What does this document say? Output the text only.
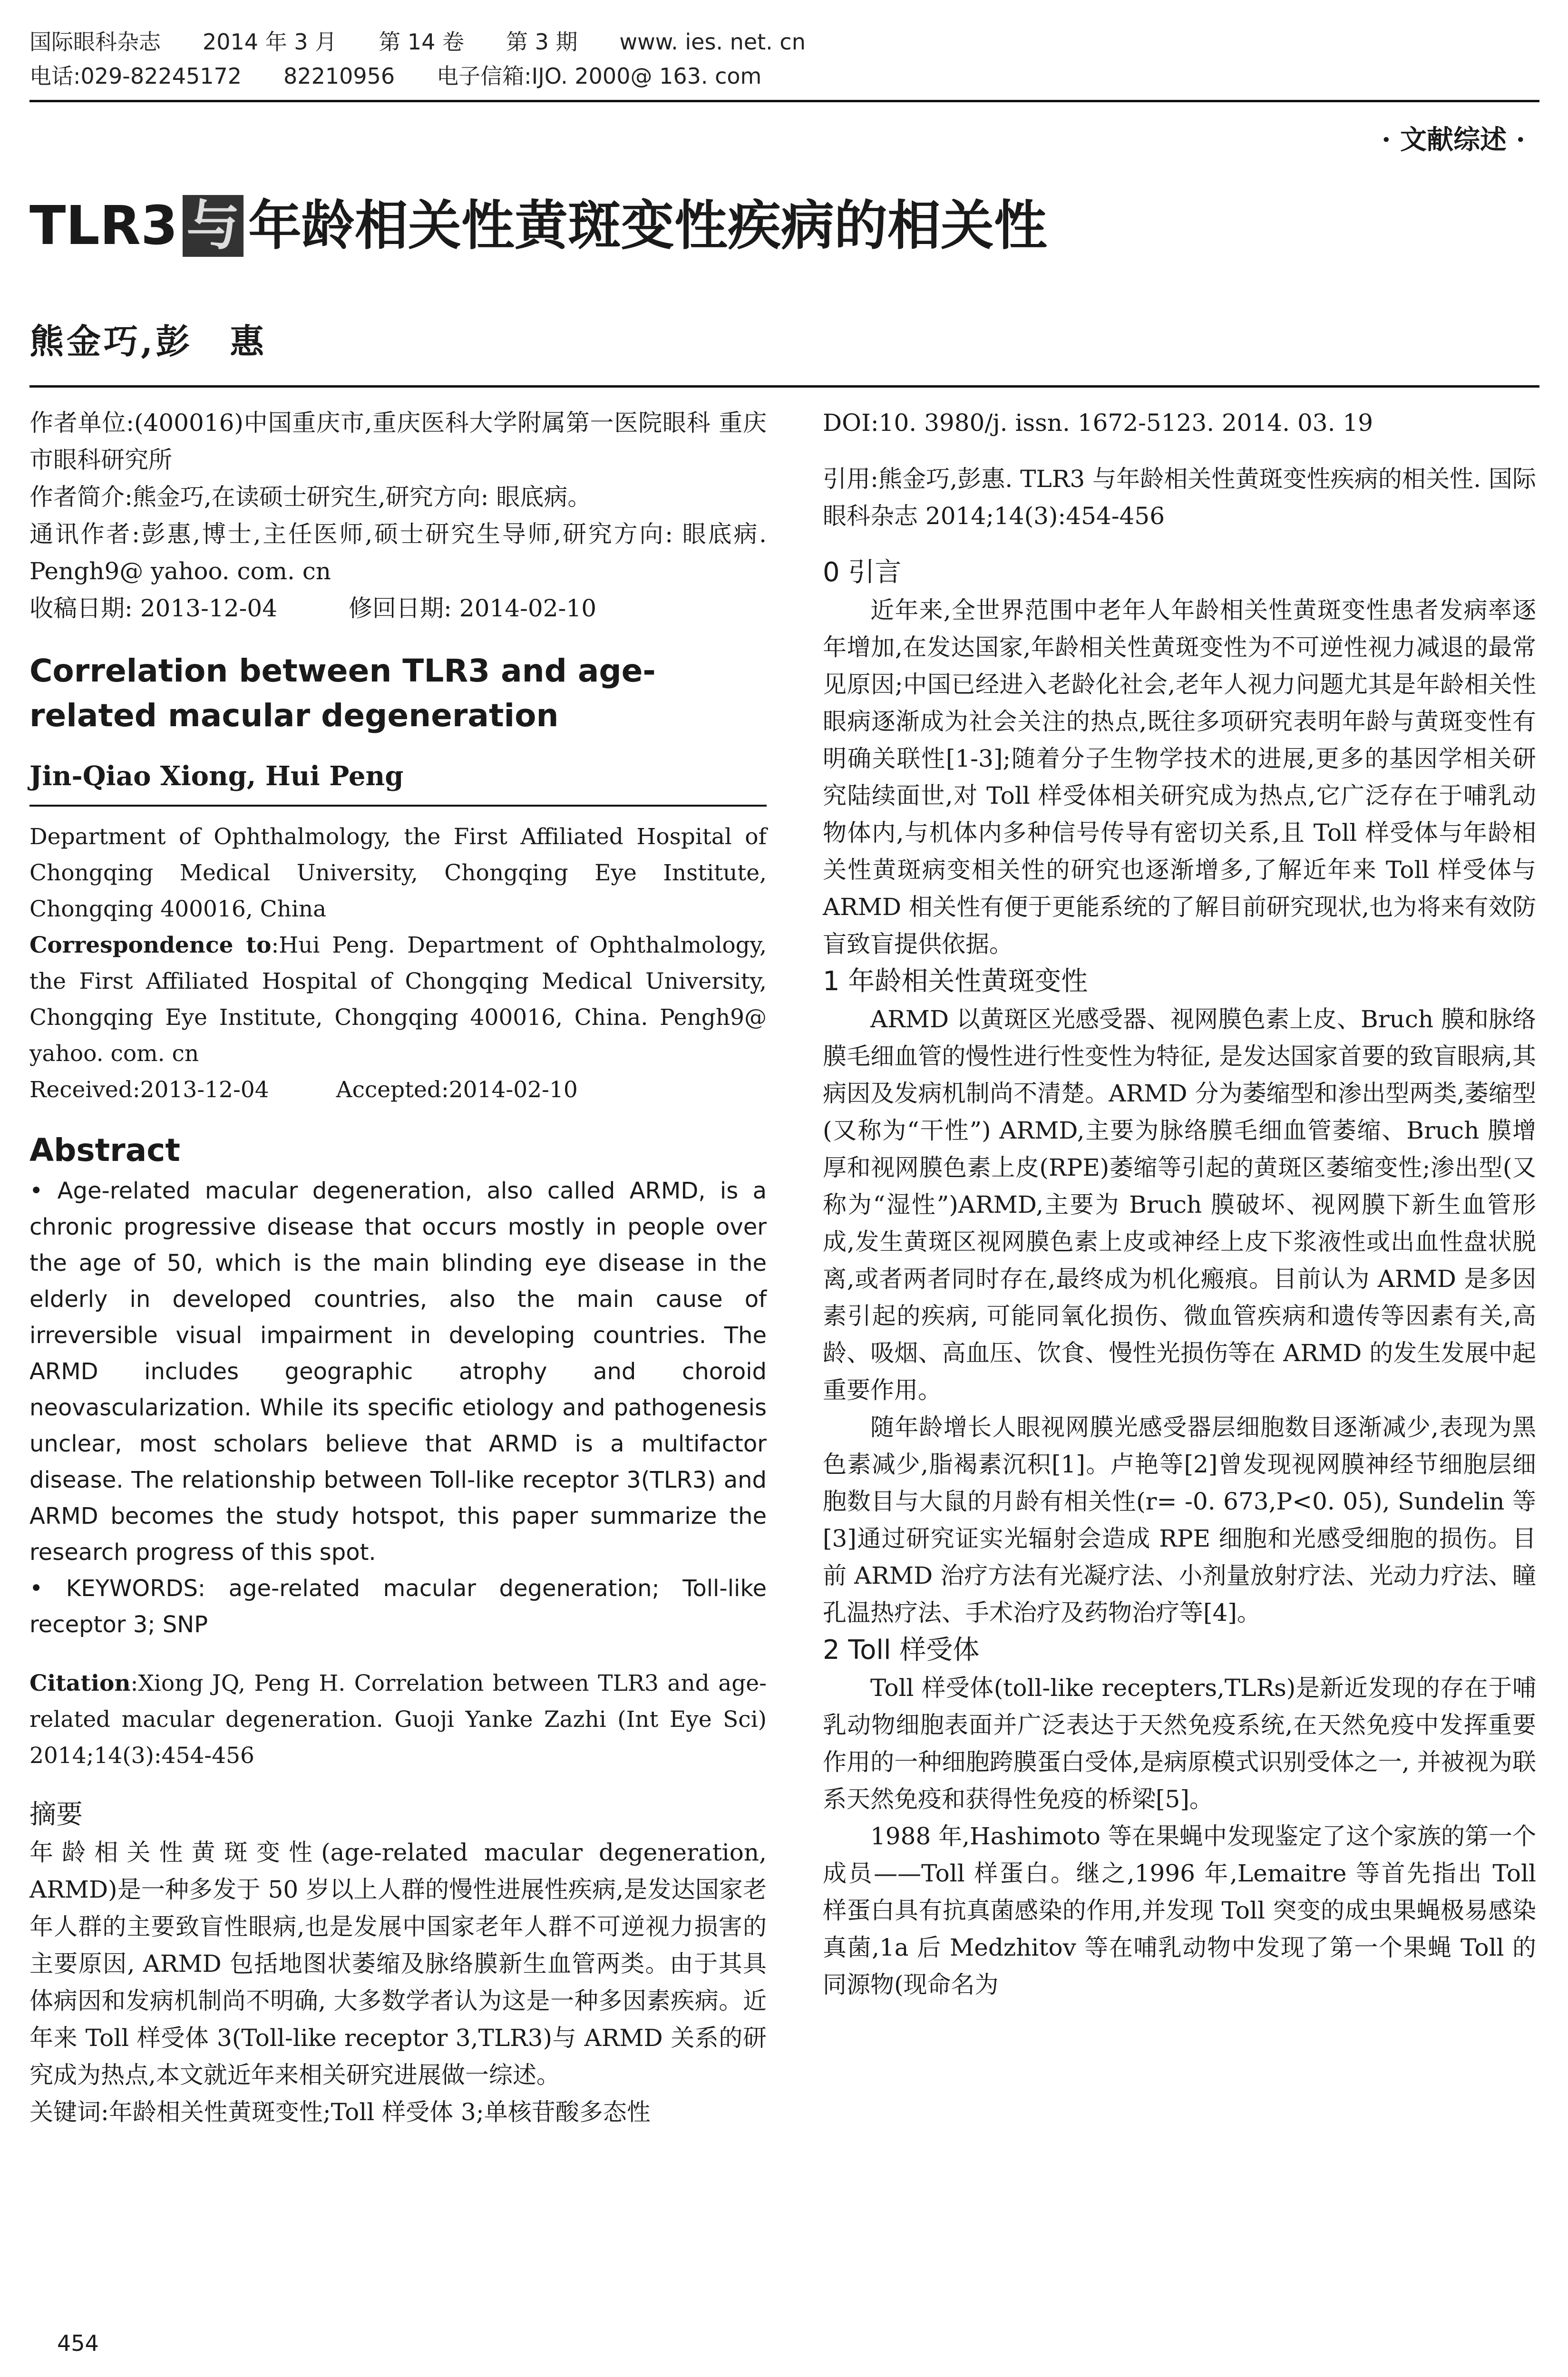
国际眼科杂志 2014 年 3 月 第 14 卷 第 3 期 www. ies. net. cn
电话:029-82245172 82210956 电子信箱:IJO. 2000@ 163. com
· 文献综述 ·
TLR3 与 年龄相关性黄斑变性疾病的相关性
熊金巧,彭　惠

作者单位:(400016)中国重庆市,重庆医科大学附属第一医院眼科 重庆市眼科研究所

作者简介:熊金巧,在读硕士研究生,研究方向: 眼底病。

通讯作者:彭惠,博士,主任医师,硕士研究生导师,研究方向: 眼底病. Pengh9@ yahoo. com. cn

收稿日期: 2013-12-04　　　修回日期: 2014-02-10

Correlation between TLR3 and age-related macular degeneration

Jin-Qiao Xiong, Hui Peng

Department of Ophthalmology, the First Affiliated Hospital of Chongqing Medical University, Chongqing Eye Institute, Chongqing 400016, China

Correspondence to:Hui Peng. Department of Ophthalmology, the First Affiliated Hospital of Chongqing Medical University, Chongqing Eye Institute, Chongqing 400016, China. Pengh9@ yahoo. com. cn

Received:2013-12-04　　　Accepted:2014-02-10

Abstract

• Age-related macular degeneration, also called ARMD, is a chronic progressive disease that occurs mostly in people over the age of 50, which is the main blinding eye disease in the elderly in developed countries, also the main cause of irreversible visual impairment in developing countries. The ARMD includes geographic atrophy and choroid neovascularization. While its specific etiology and pathogenesis unclear, most scholars believe that ARMD is a multifactor disease. The relationship between Toll-like receptor 3(TLR3) and ARMD becomes the study hotspot, this paper summarize the research progress of this spot.

• KEYWORDS: age-related macular degeneration; Toll-like receptor 3; SNP

Citation:Xiong JQ, Peng H. Correlation between TLR3 and age-related macular degeneration. Guoji Yanke Zazhi (Int Eye Sci) 2014;14(3):454-456

摘要

年龄相关性黄斑变性(age-related macular degeneration, ARMD)是一种多发于 50 岁以上人群的慢性进展性疾病,是发达国家老年人群的主要致盲性眼病,也是发展中国家老年人群不可逆视力损害的主要原因, ARMD 包括地图状萎缩及脉络膜新生血管两类。由于其具体病因和发病机制尚不明确, 大多数学者认为这是一种多因素疾病。近年来 Toll 样受体 3(Toll-like receptor 3,TLR3)与 ARMD 关系的研究成为热点,本文就近年来相关研究进展做一综述。

关键词:年龄相关性黄斑变性;Toll 样受体 3;单核苷酸多态性

DOI:10. 3980/j. issn. 1672-5123. 2014. 03. 19

引用:熊金巧,彭惠. TLR3 与年龄相关性黄斑变性疾病的相关性. 国际眼科杂志 2014;14(3):454-456

0 引言

近年来,全世界范围中老年人年龄相关性黄斑变性患者发病率逐年增加,在发达国家,年龄相关性黄斑变性为不可逆性视力减退的最常见原因;中国已经进入老龄化社会,老年人视力问题尤其是年龄相关性眼病逐渐成为社会关注的热点,既往多项研究表明年龄与黄斑变性有明确关联性[1-3];随着分子生物学技术的进展,更多的基因学相关研究陆续面世,对 Toll 样受体相关研究成为热点,它广泛存在于哺乳动物体内,与机体内多种信号传导有密切关系,且 Toll 样受体与年龄相关性黄斑病变相关性的研究也逐渐增多,了解近年来 Toll 样受体与 ARMD 相关性有便于更能系统的了解目前研究现状,也为将来有效防盲致盲提供依据。

1 年龄相关性黄斑变性

ARMD 以黄斑区光感受器、视网膜色素上皮、Bruch 膜和脉络膜毛细血管的慢性进行性变性为特征, 是发达国家首要的致盲眼病,其病因及发病机制尚不清楚。ARMD 分为萎缩型和渗出型两类,萎缩型(又称为“干性”) ARMD,主要为脉络膜毛细血管萎缩、Bruch 膜增厚和视网膜色素上皮(RPE)萎缩等引起的黄斑区萎缩变性;渗出型(又称为“湿性”)ARMD,主要为 Bruch 膜破坏、视网膜下新生血管形成,发生黄斑区视网膜色素上皮或神经上皮下浆液性或出血性盘状脱离,或者两者同时存在,最终成为机化瘢痕。目前认为 ARMD 是多因素引起的疾病, 可能同氧化损伤、微血管疾病和遗传等因素有关,高龄、吸烟、高血压、饮食、慢性光损伤等在 ARMD 的发生发展中起重要作用。

随年龄增长人眼视网膜光感受器层细胞数目逐渐减少,表现为黑色素减少,脂褐素沉积[1]。卢艳等[2]曾发现视网膜神经节细胞层细胞数目与大鼠的月龄有相关性(r= -0. 673,P<0. 05), Sundelin 等[3]通过研究证实光辐射会造成 RPE 细胞和光感受细胞的损伤。目前 ARMD 治疗方法有光凝疗法、小剂量放射疗法、光动力疗法、瞳孔温热疗法、手术治疗及药物治疗等[4]。

2 Toll 样受体

Toll 样受体(toll-like recepters,TLRs)是新近发现的存在于哺乳动物细胞表面并广泛表达于天然免疫系统,在天然免疫中发挥重要作用的一种细胞跨膜蛋白受体,是病原模式识别受体之一, 并被视为联系天然免疫和获得性免疫的桥梁[5]。

1988 年,Hashimoto 等在果蝇中发现鉴定了这个家族的第一个成员——Toll 样蛋白。继之,1996 年,Lemaitre 等首先指出 Toll 样蛋白具有抗真菌感染的作用,并发现 Toll 突变的成虫果蝇极易感染真菌,1a 后 Medzhitov 等在哺乳动物中发现了第一个果蝇 Toll 的同源物(现命名为

454
